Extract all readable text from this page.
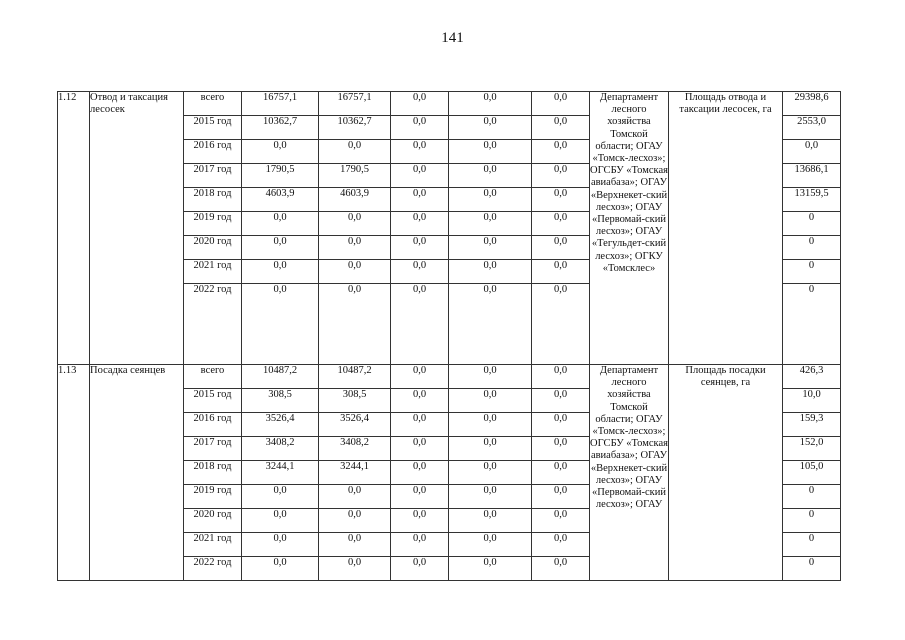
141
1.12	Отвод и таксация лесосек	всего	16757,1	16757,1	0,0	0,0	0,0	Департамент лесного хозяйства Томской области; ОГАУ «Томск-лесхоз»; ОГСБУ «Томская авиабаза»; ОГАУ «Верхнекет-ский лесхоз»; ОГАУ «Первомай-ский лесхоз»; ОГАУ «Тегульдет-ский лесхоз»; ОГКУ «Томсклес»	Площадь отвода и таксации лесосек, га	29398,6
		2015 год	10362,7	10362,7	0,0	0,0	0,0			2553,0
		2016 год	0,0	0,0	0,0	0,0	0,0			0,0
		2017 год	1790,5	1790,5	0,0	0,0	0,0			13686,1
		2018 год	4603,9	4603,9	0,0	0,0	0,0			13159,5
		2019 год	0,0	0,0	0,0	0,0	0,0			0
		2020 год	0,0	0,0	0,0	0,0	0,0			0
		2021 год	0,0	0,0	0,0	0,0	0,0			0
		2022 год	0,0	0,0	0,0	0,0	0,0			0
1.13	Посадка сеянцев	всего	10487,2	10487,2	0,0	0,0	0,0	Департамент лесного хозяйства Томской области; ОГАУ «Томск-лесхоз»; ОГСБУ «Томская авиабаза»; ОГАУ «Верхнекет-ский лесхоз»; ОГАУ «Первомай-ский лесхоз»; ОГАУ	Площадь посадки сеянцев, га	426,3
		2015 год	308,5	308,5	0,0	0,0	0,0			10,0
		2016 год	3526,4	3526,4	0,0	0,0	0,0			159,3
		2017 год	3408,2	3408,2	0,0	0,0	0,0			152,0
		2018 год	3244,1	3244,1	0,0	0,0	0,0			105,0
		2019 год	0,0	0,0	0,0	0,0	0,0			0
		2020 год	0,0	0,0	0,0	0,0	0,0			0
		2021 год	0,0	0,0	0,0	0,0	0,0			0
		2022 год	0,0	0,0	0,0	0,0	0,0			0
